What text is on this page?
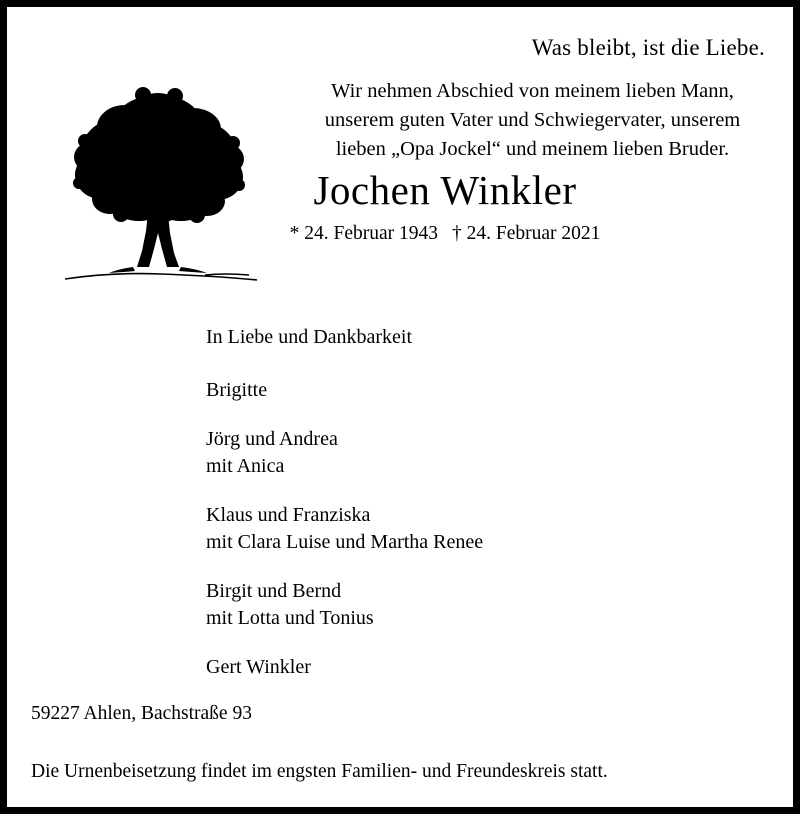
Was bleibt, ist die Liebe.
Wir nehmen Abschied von meinem lieben Mann,
unserem guten Vater und Schwiegervater, unserem
lieben „Opa Jockel“ und meinem lieben Bruder.
Jochen Winkler
* 24. Februar 1943 † 24. Februar 2021
In Liebe und Dankbarkeit
Brigitte
Jörg und Andrea
mit Anica
Klaus und Franziska
mit Clara Luise und Martha Renee
Birgit und Bernd
mit Lotta und Tonius
Gert Winkler
59227 Ahlen, Bachstraße 93
Die Urnenbeisetzung findet im engsten Familien- und Freundeskreis statt.
